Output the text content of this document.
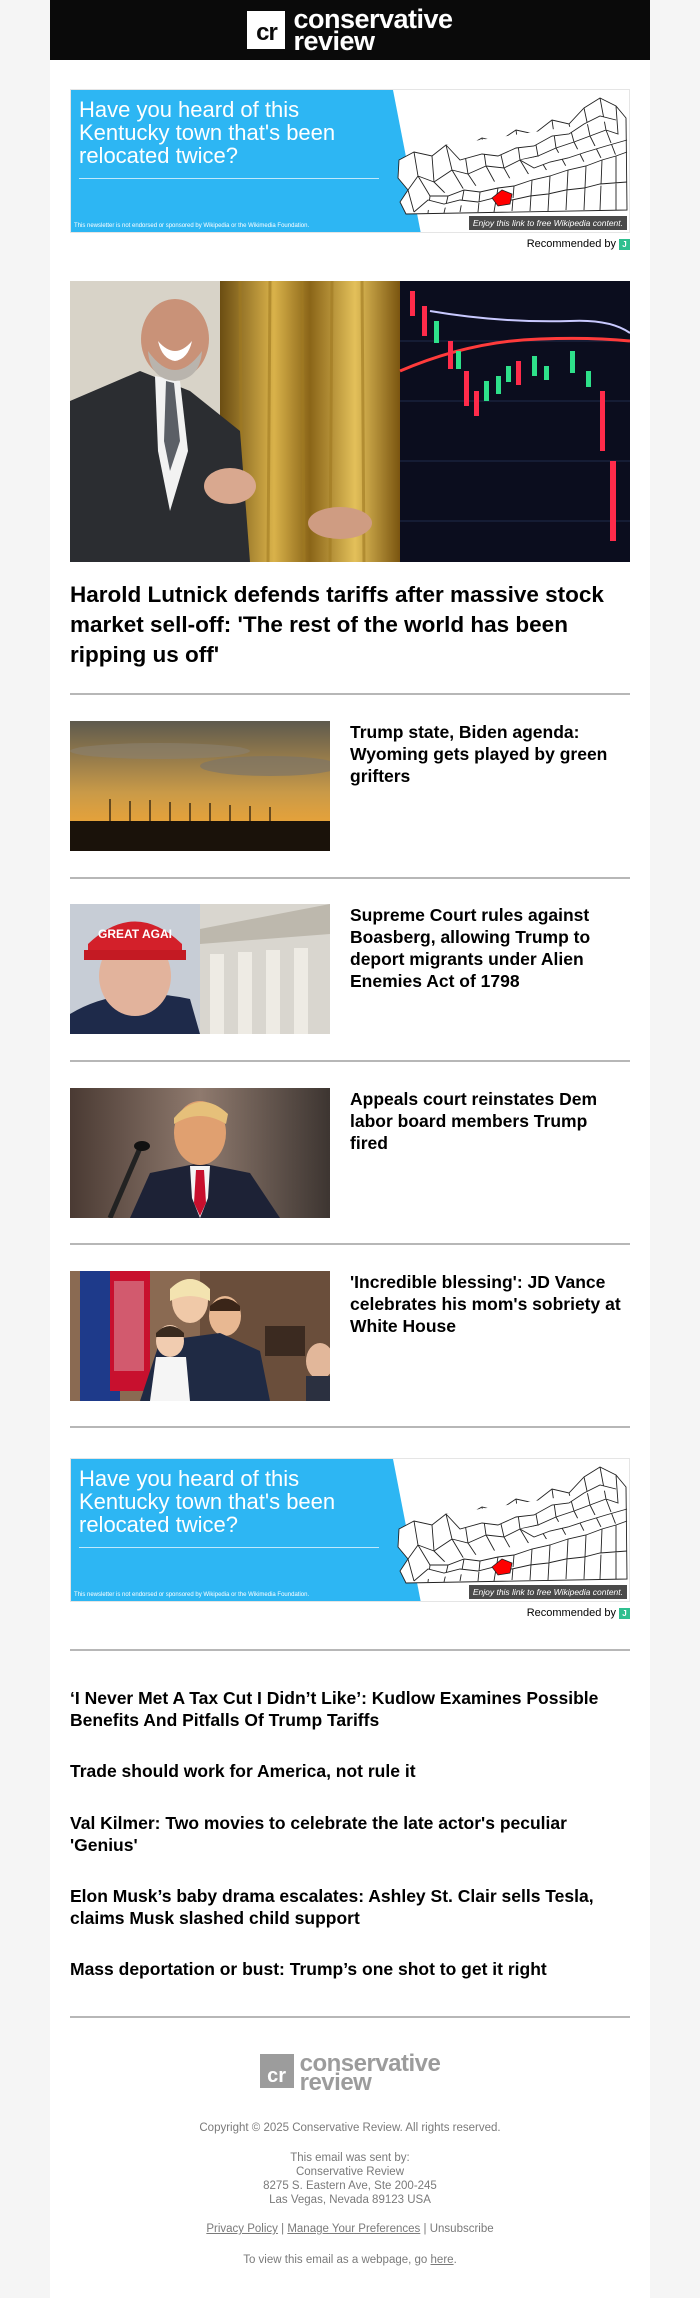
cr conservative
review
Have you heard of this Kentucky town that's been relocated twice?
This newsletter is not endorsed or sponsored by Wikipedia or the Wikimedia Foundation.	Enjoy this link to free Wikipedia content.
Recommended by J
Harold Lutnick defends tariffs after massive stock market sell-off: 'The rest of the world has been ripping us off'
Trump state, Biden agenda: Wyoming gets played by green grifters
GREAT AGAI
Supreme Court rules against Boasberg, allowing Trump to deport migrants under Alien Enemies Act of 1798
Appeals court reinstates Dem labor board members Trump fired
'Incredible blessing': JD Vance celebrates his mom's sobriety at White House
Have you heard of this Kentucky town that's been relocated twice?
This newsletter is not endorsed or sponsored by Wikipedia or the Wikimedia Foundation.	Enjoy this link to free Wikipedia content.
Recommended by J
‘I Never Met A Tax Cut I Didn’t Like’: Kudlow Examines Possible Benefits And Pitfalls Of Trump Tariffs
Trade should work for America, not rule it
Val Kilmer: Two movies to celebrate the late actor's peculiar 'Genius'
Elon Musk’s baby drama escalates: Ashley St. Clair sells Tesla, claims Musk slashed child support
Mass deportation or bust: Trump’s one shot to get it right
cr conservative
review
Copyright © 2025 Conservative Review. All rights reserved.
This email was sent by:
Conservative Review
8275 S. Eastern Ave, Ste 200-245
Las Vegas, Nevada 89123 USA
Privacy Policy | Manage Your Preferences | Unsubscribe
To view this email as a webpage, go here.
